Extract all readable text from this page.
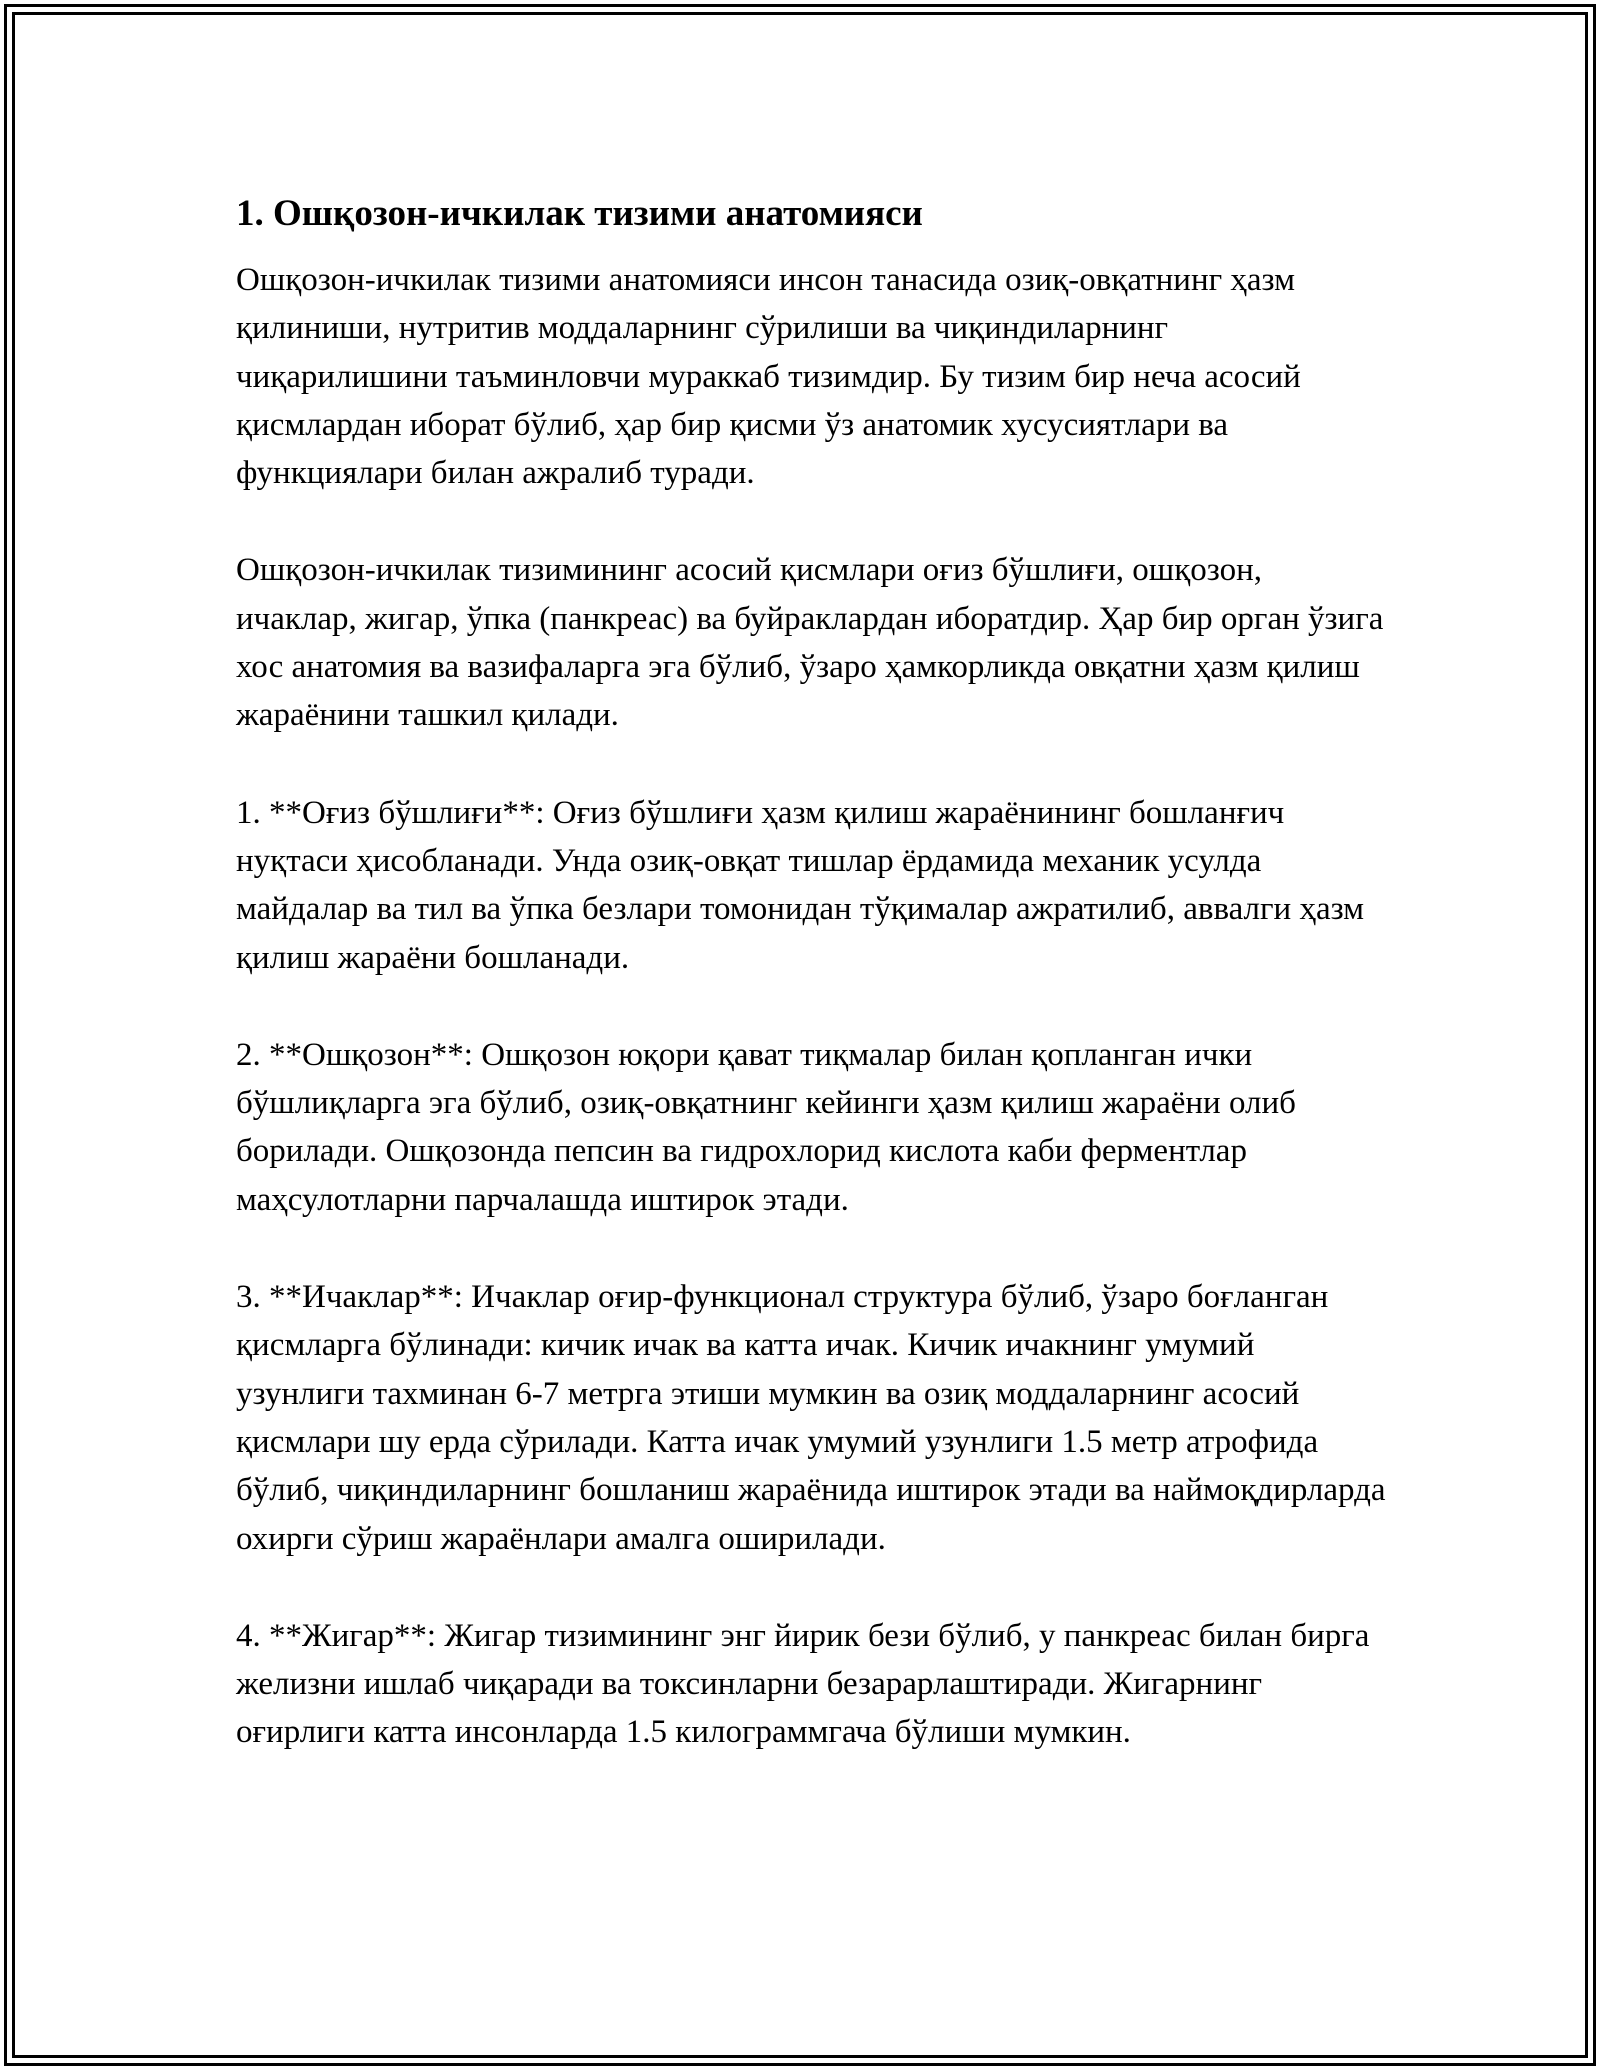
1. Ошқозон-ичкилак тизими анатомияси

Ошқозон-ичкилак тизими анатомияси инсон танасида озиқ-овқатнинг ҳазм қилиниши, нутритив моддаларнинг сўрилиши ва чиқиндиларнинг чиқарилишини таъминловчи мураккаб тизимдир. Бу тизим бир неча асосий қисмлардан иборат бўлиб, ҳар бир қисми ўз анатомик хусусиятлари ва функциялари билан ажралиб туради.

Ошқозон-ичкилак тизимининг асосий қисмлари оғиз бўшлиғи, ошқозон, ичаклар, жигар, ўпка (панкреас) ва буйраклардан иборатдир. Ҳар бир орган ўзига хос анатомия ва вазифаларга эга бўлиб, ўзаро ҳамкорликда овқатни ҳазм қилиш жараёнини ташкил қилади.

1. **Оғиз бўшлиғи**: Оғиз бўшлиғи ҳазм қилиш жараёнининг бошланғич нуқтаси ҳисобланади. Унда озиқ-овқат тишлар ёрдамида механик усулда майдалар ва тил ва ўпка безлари томонидан тўқималар ажратилиб, аввалги ҳазм қилиш жараёни бошланади.

2. **Ошқозон**: Ошқозон юқори қават тиқмалар билан қопланган ички бўшлиқларга эга бўлиб, озиқ-овқатнинг кейинги ҳазм қилиш жараёни олиб борилади. Ошқозонда пепсин ва гидрохлорид кислота каби ферментлар маҳсулотларни парчалашда иштирок этади.

3. **Ичаклар**: Ичаклар оғир-функционал структура бўлиб, ўзаро боғланган қисмларга бўлинади: кичик ичак ва катта ичак. Кичик ичакнинг умумий узунлиги тахминан 6-7 метрга этиши мумкин ва озиқ моддаларнинг асосий қисмлари шу ерда сўрилади. Катта ичак умумий узунлиги 1.5 метр атрофида бўлиб, чиқиндиларнинг бошланиш жараёнида иштирок этади ва наймоқдирларда охирги сўриш жараёнлари амалга оширилади.

4. **Жигар**: Жигар тизимининг энг йирик бези бўлиб, у панкреас билан бирга желизни ишлаб чиқаради ва токсинларни безарарлаштиради. Жигарнинг оғирлиги катта инсонларда 1.5 килограммгача бўлиши мумкин.
